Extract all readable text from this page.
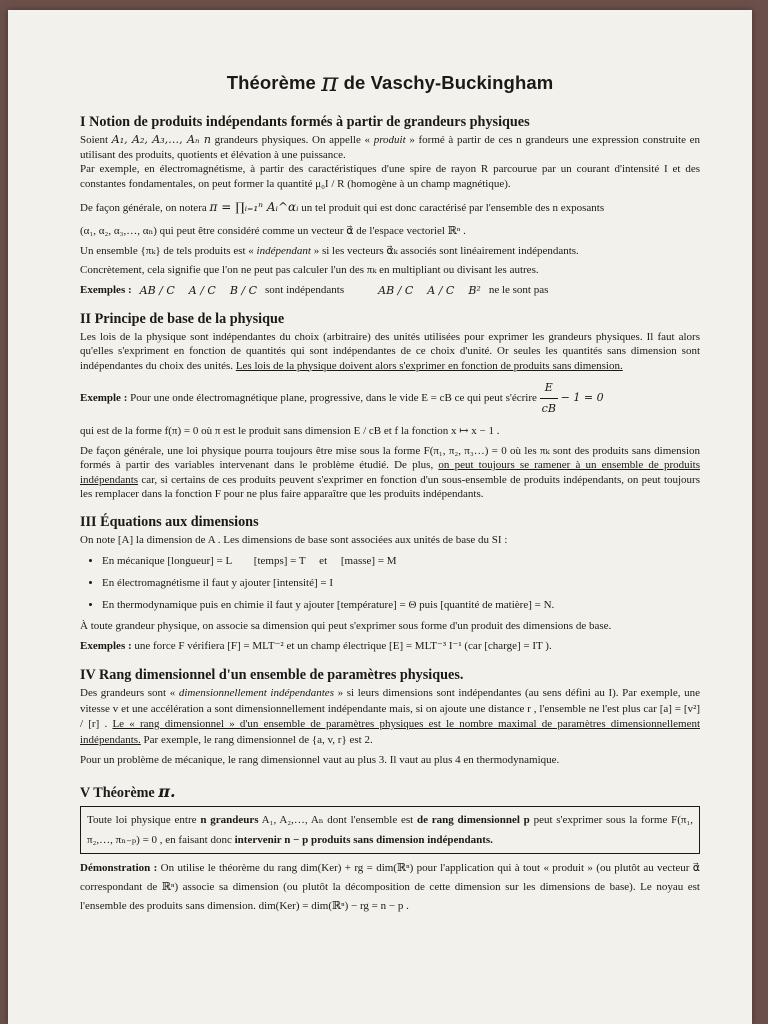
Théorème π de Vaschy-Buckingham
I Notion de produits indépendants formés à partir de grandeurs physiques

Soient A₁, A₂, A₃,…, Aₙ n grandeurs physiques. On appelle « produit » formé à partir de ces n grandeurs une expression construite en utilisant des produits, quotients et élévation à une puissance.

Par exemple, en électromagnétisme, à partir des caractéristiques d'une spire de rayon R parcourue par un courant d'intensité I et des constantes fondamentales, on peut former la quantité μ₀I / R (homogène à un champ magnétique).

De façon générale, on notera π = ∏ᵢ₌₁ⁿ Aᵢ^αᵢ un tel produit qui est donc caractérisé par l'ensemble des n exposants

(α₁, α₂, α₃,…, αₙ) qui peut être considéré comme un vecteur α⃗ de l'espace vectoriel ℝⁿ .

Un ensemble {πₖ} de tels produits est « indépendant » si les vecteurs α⃗ₖ associés sont linéairement indépendants.

Concrètement, cela signifie que l'on ne peut pas calculer l'un des πₖ en multipliant ou divisant les autres.

Exemples : AB / C    A / C    B / C sont indépendants	AB / C    A / C    B² ne le sont pas
II Principe de base de la physique

Les lois de la physique sont indépendantes du choix (arbitraire) des unités utilisées pour exprimer les grandeurs physiques. Il faut alors qu'elles s'expriment en fonction de quantités qui sont indépendantes de ce choix d'unité. Or seules les quantités sans dimension sont indépendantes du choix des unités. Les lois de la physique doivent alors s'exprimer en fonction de produits sans dimension.

Exemple : Pour une onde électromagnétique plane, progressive, dans le vide E = cB ce qui peut s'écrire $\frac{E}{cB} - 1 = 0$

qui est de la forme f(π) = 0 où π est le produit sans dimension E / cB et f la fonction x ↦ x − 1 .

De façon générale, une loi physique pourra toujours être mise sous la forme F(π₁, π₂, π₃…) = 0 où les πₖ sont des produits sans dimension formés à partir des variables intervenant dans le problème étudié. De plus, on peut toujours se ramener à un ensemble de produits indépendants car, si certains de ces produits peuvent s'exprimer en fonction d'un sous-ensemble de produits indépendants, on peut toujours les remplacer dans la fonction F pour ne plus faire apparaître que les produits indépendants.

III Équations aux dimensions

On note [A] la dimension de A . Les dimensions de base sont associées aux unités de base du SI :

• En mécanique [longueur] = L        [temps] = T     et     [masse] = M
• En électromagnétisme il faut y ajouter [intensité] = I
• En thermodynamique puis en chimie il faut y ajouter [température] = Θ puis [quantité de matière] = N.

À toute grandeur physique, on associe sa dimension qui peut s'exprimer sous forme d'un produit des dimensions de base.

Exemples : une force F vérifiera [F] = MLT⁻² et un champ électrique [E] = MLT⁻³ I⁻¹ (car [charge] = IT ).

IV Rang dimensionnel d'un ensemble de paramètres physiques.

Des grandeurs sont « dimensionnellement indépendantes » si leurs dimensions sont indépendantes (au sens défini au I). Par exemple, une vitesse v et une accélération a sont dimensionnellement indépendante mais, si on ajoute une distance r , l'ensemble ne l'est plus car [a] = [v²] / [r] . Le « rang dimensionnel » d'un ensemble de paramètres physiques est le nombre maximal de paramètres dimensionnellement indépendants. Par exemple, le rang dimensionnel de {a, v, r} est 2.

Pour un problème de mécanique, le rang dimensionnel vaut au plus 3. Il vaut au plus 4 en thermodynamique.

V Théorème π.

Toute loi physique entre n grandeurs A₁, A₂,…, Aₙ dont l'ensemble est de rang dimensionnel p peut s'exprimer sous la forme F(π₁, π₂,…, πₙ₋ₚ) = 0 , en faisant donc intervenir n − p produits sans dimension indépendants.

Démonstration : On utilise le théorème du rang dim(Ker) + rg = dim(ℝⁿ) pour l'application qui à tout « produit » (ou plutôt au vecteur α⃗ correspondant de ℝⁿ) associe sa dimension (ou plutôt la décomposition de cette dimension sur les dimensions de base). Le noyau est l'ensemble des produits sans dimension. dim(Ker) = dim(ℝⁿ) − rg = n − p .
